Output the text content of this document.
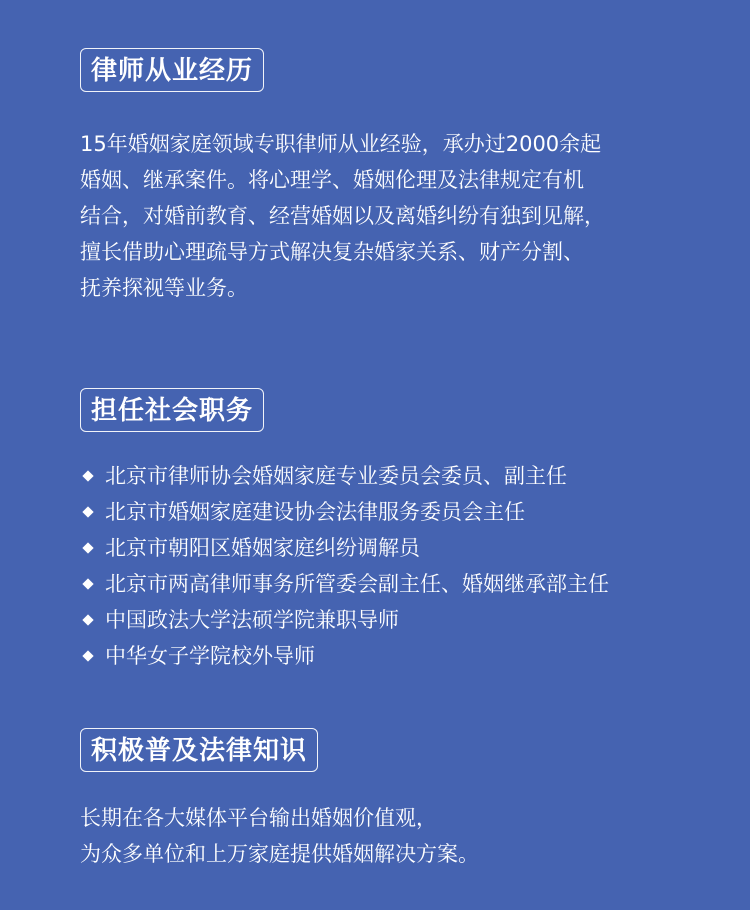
律师从业经历

15年婚姻家庭领域专职律师从业经验，承办过2000余起

婚姻、继承案件。将心理学、婚姻伦理及法律规定有机

结合，对婚前教育、经营婚姻以及离婚纠纷有独到见解，

擅长借助心理疏导方式解决复杂婚家关系、财产分割、

抚养探视等业务。

担任社会职务
北京市律师协会婚姻家庭专业委员会委员、副主任
北京市婚姻家庭建设协会法律服务委员会主任
北京市朝阳区婚姻家庭纠纷调解员
北京市两高律师事务所管委会副主任、婚姻继承部主任
中国政法大学法硕学院兼职导师
中华女子学院校外导师
积极普及法律知识

长期在各大媒体平台输出婚姻价值观，

为众多单位和上万家庭提供婚姻解决方案。
